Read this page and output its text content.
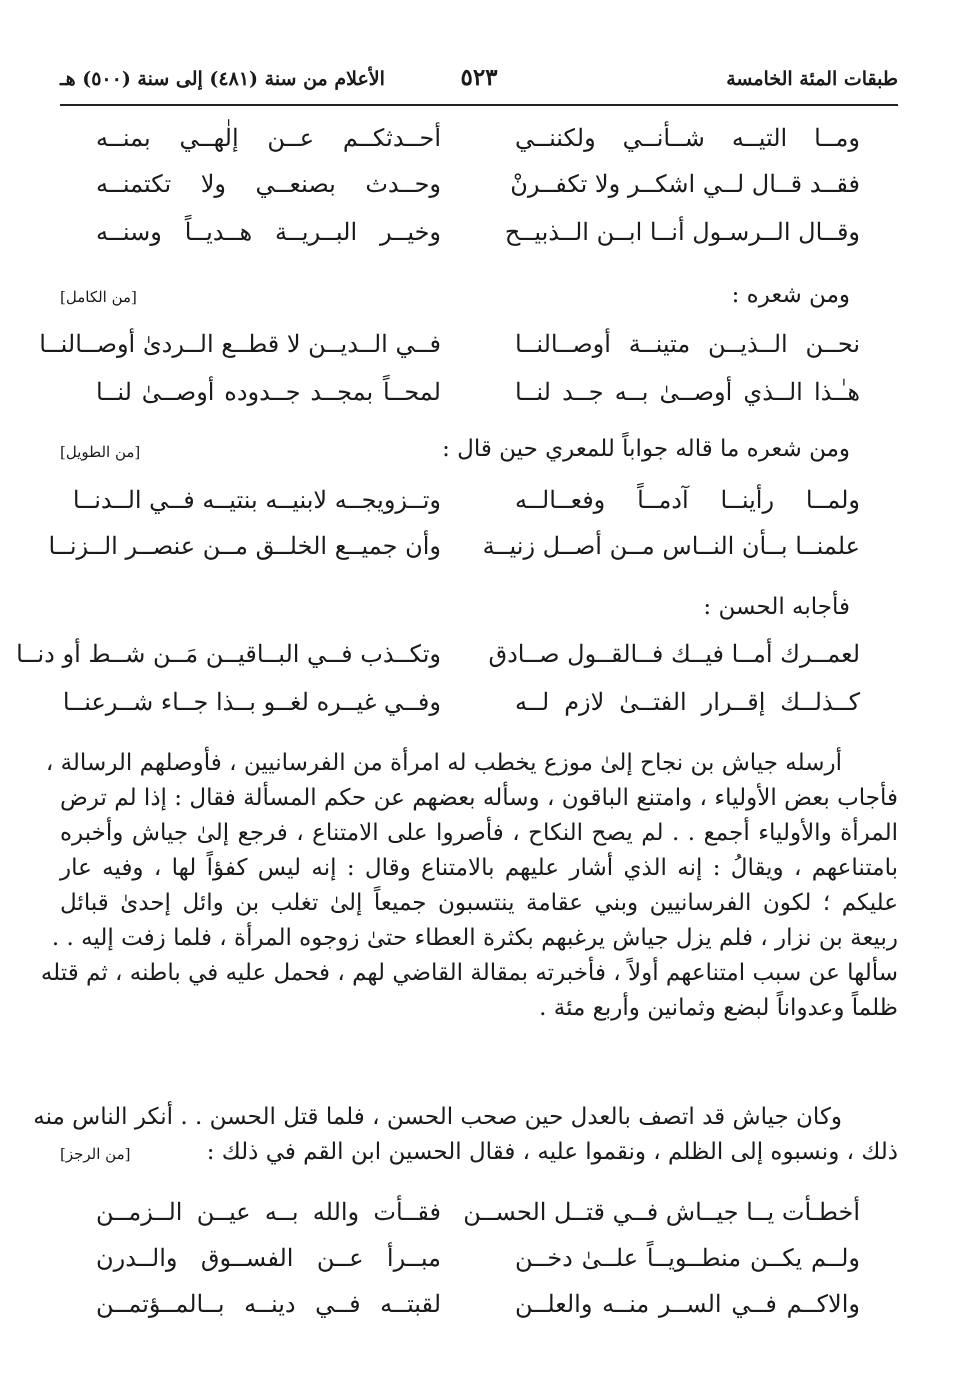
طبقات المئة الخامسة
٥٢٣
الأعلام من سنة (٤٨١) إلى سنة (٥٠٠) هـ
ومــا التيــه شــأنــي ولكننــي
أحــدثكــم عــن إلٰهــي بمنــه
فقــد قــال لــي اشكــر ولا تكفــرنْ
وحــدث بصنعــي ولا تكتمنــه
وقــال الــرسـول أنــا ابــن الــذبيــح
وخيــر البــريــة هــديــاً وسنــه
ومن شعره :
[من الكامل]
نحــن الــذيــن متينــة أوصــالنــا
فــي الــديــن لا قطــع الــردىٰ أوصــالنــا
هـٰـذا الــذي أوصــىٰ بــه جــد لنــا
لمحــاً بمجــد جــدوده أوصــىٰ لنــا
ومن شعره ما قاله جواباً للمعري حين قال :
[من الطويل]
ولمــا رأينــا آدمــاً وفعــالــه
وتــزويجــه لابنيــه بنتيــه فــي الــدنــا
علمنــا بــأن النــاس مــن أصــل زنيــة
وأن جميــع الخلــق مــن عنصــر الــزنــا
فأجابه الحسن :
لعمــرك أمــا فيــك فــالقــول صــادق
وتكــذب فــي البــاقيــن مَــن شــط أو دنــا
كــذلــك إقــرار الفتــىٰ لازم لــه
وفــي غيــره لغــو بــذا جــاء شــرعنــا
أرسله جياش بن نجاح إلىٰ موزع يخطب له امرأة من الفرسانيين ، فأوصلهم الرسالة ،
فأجاب بعض الأولياء ، وامتنع الباقون ، وسأله بعضهم عن حكم المسألة فقال : إذا لم ترض
المرأة والأولياء أجمع . . لم يصح النكاح ، فأصروا على الامتناع ، فرجع إلىٰ جياش وأخبره
بامتناعهم ، ويقالُ : إنه الذي أشار عليهم بالامتناع وقال : إنه ليس كفؤاً لها ، وفيه عار
عليكم ؛ لكون الفرسانيين وبني عقامة ينتسبون جميعاً إلىٰ تغلب بن وائل إحدىٰ قبائل
ربيعة بن نزار ، فلم يزل جياش يرغبهم بكثرة العطاء حتىٰ زوجوه المرأة ، فلما زفت إليه . .
سألها عن سبب امتناعهم أولاً ، فأخبرته بمقالة القاضي لهم ، فحمل عليه في باطنه ، ثم قتله
ظلماً وعدواناً لبضع وثمانين وأربع مئة .
وكان جياش قد اتصف بالعدل حين صحب الحسن ، فلما قتل الحسن . . أنكر الناس منه
ذلك ، ونسبوه إلى الظلم ، ونقموا عليه ، فقال الحسين ابن القم في ذلك :
[من الرجز]
أخطـأت يــا جيــاش فــي قتــل الحســن
فقــأت والله بــه عيــن الــزمــن
ولــم يكــن منطــويــاً علــىٰ دخــن
مبــرأ عــن الفســوق والــدرن
والاكــم فــي الســر منــه والعلــن
لقبتــه فــي دينــه بــالمــؤتمــن
